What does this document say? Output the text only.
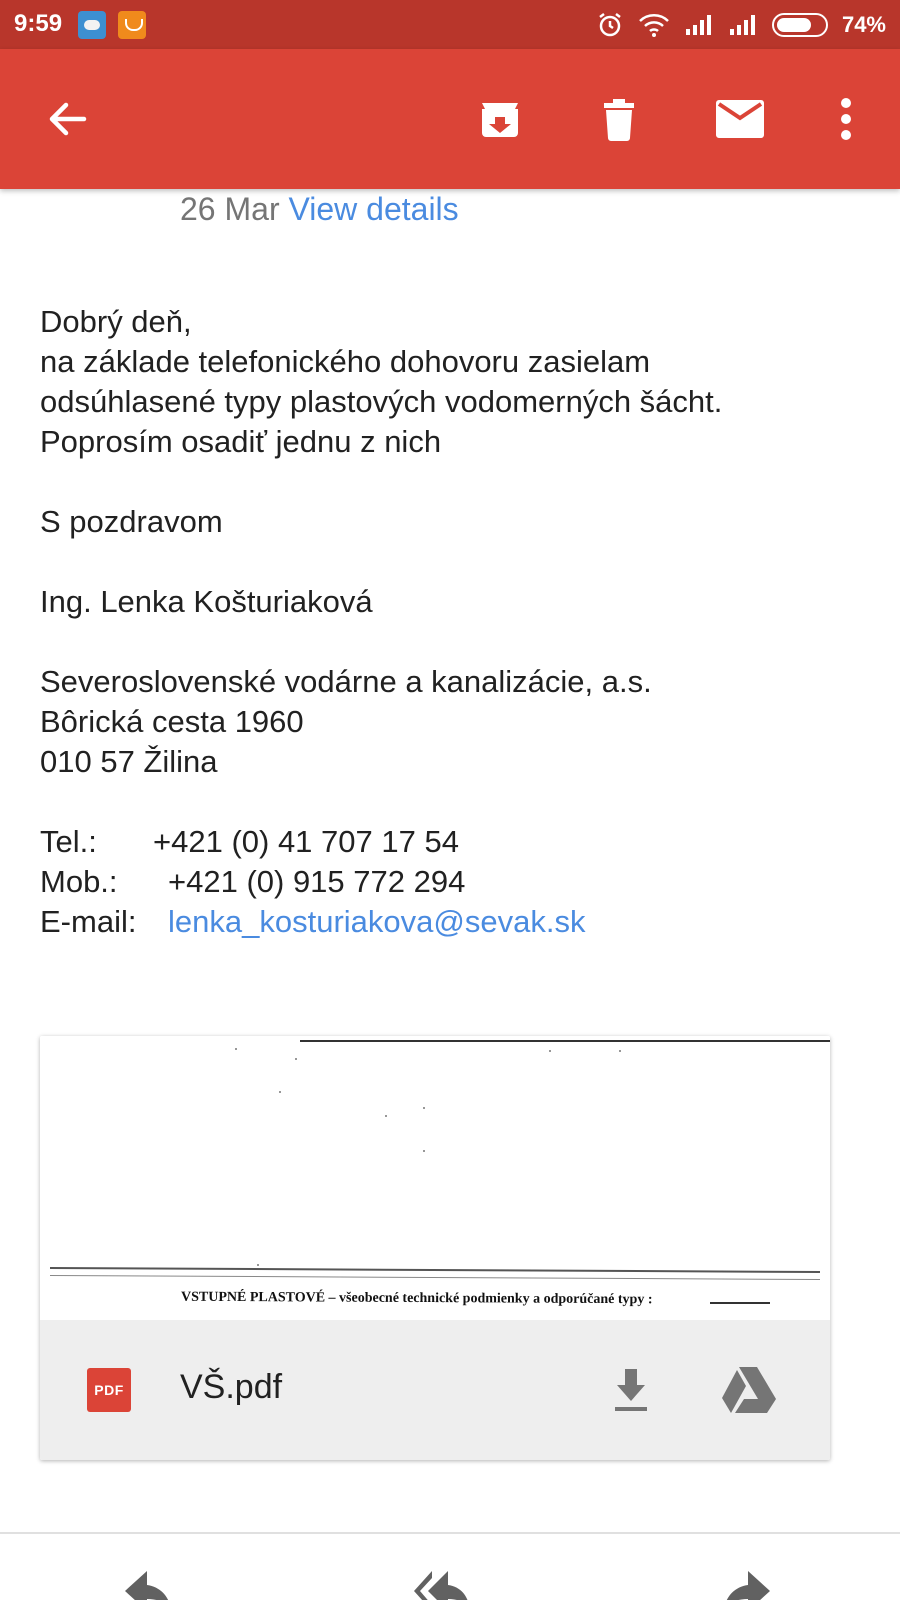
9:59	74%
26 Mar View details
Dobrý deň,
na základe telefonického dohovoru zasielam
odsúhlasené typy plastových vodomerných šácht.
Poprosím osadiť jednu z nich
S pozdravom
Ing. Lenka Košturiaková
Severoslovenské vodárne a kanalizácie, a.s.
Bôrická cesta 1960
010 57 Žilina
Tel.:	+421 (0) 41 707 17 54
Mob.:	+421 (0) 915 772 294
E-mail:	lenka_kosturiakova@sevak.sk
VSTUPNÉ PLASTOVÉ – všeobecné technické podmienky a odporúčané typy :
PDF VŠ.pdf
